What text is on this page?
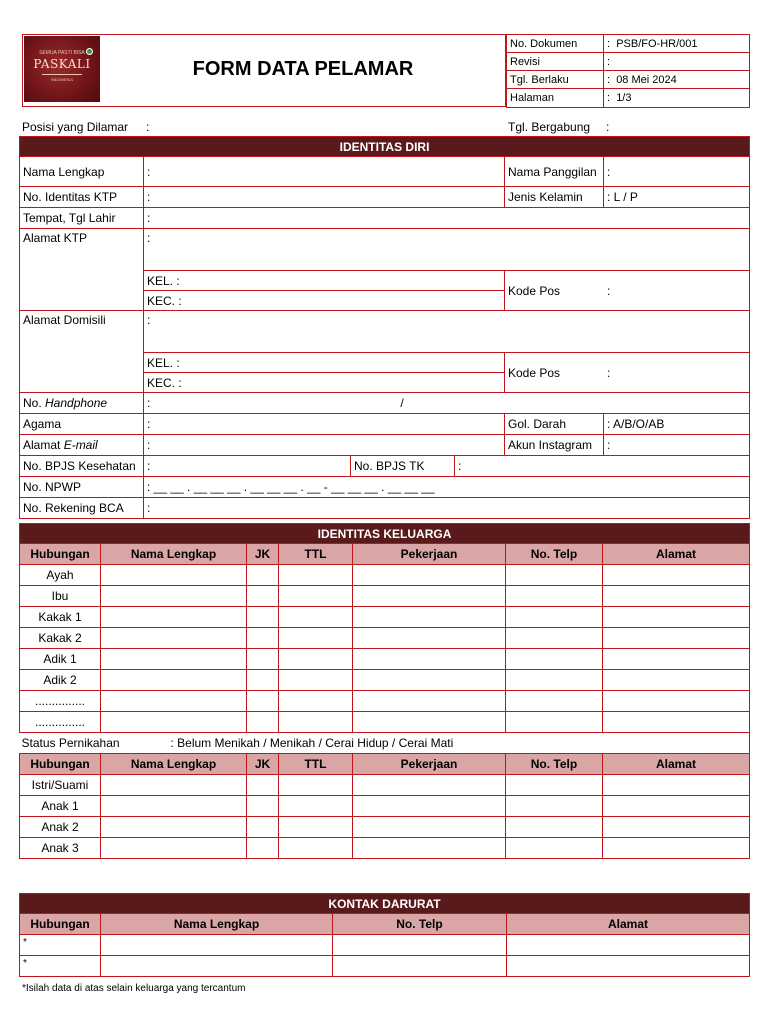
SEMUA PASTI BISA
PASKALI
INDONESIA	FORM DATA PELAMAR
No. Dokumen	: PSB/FO-HR/001
Revisi	:
Tgl. Berlaku	: 08 Mei 2024
Halaman	: 1/3
Posisi yang Dilamar :	Tgl. Bergabung :
IDENTITAS DIRI					
Nama Lengkap	:			Nama Panggilan	:
No. Identitas KTP	:			Jenis Kelamin	: L / P
Tempat, Tgl Lahir	:				
Alamat KTP	:				
	KEL. :			Kode Pos :	

	KEC. :				
Alamat Domisili	:				
	KEL. :			Kode Pos :	

	KEC. :				
No. Handphone	: /				
Agama	:			Gol. Darah	: A/B/O/AB
Alamat E-mail	:			Akun Instagram	:
No. BPJS Kesehatan	:	No. BPJS TK	:		
No. NPWP	: __ __ . __ __ __ . __ __ __ . __ - __ __ __ . __ __ __				
No. Rekening BCA	:				
IDENTITAS KELUARGA						
Hubungan	Nama Lengkap	JK	TTL	Pekerjaan	No. Telp	Alamat
Ayah						
Ibu						
Kakak 1						
Kakak 2						
Adik 1						
Adik 2						
...............						
...............						
Status Pernikahan			: Belum Menikah / Menikah / Cerai Hidup / Cerai Mati			
Hubungan	Nama Lengkap	JK	TTL	Pekerjaan	No. Telp	Alamat
Istri/Suami						
Anak 1						
Anak 2						
Anak 3						
KONTAK DARURAT			
Hubungan	Nama Lengkap	No. Telp	Alamat
*			
*			
*Isilah data di atas selain keluarga yang tercantum
